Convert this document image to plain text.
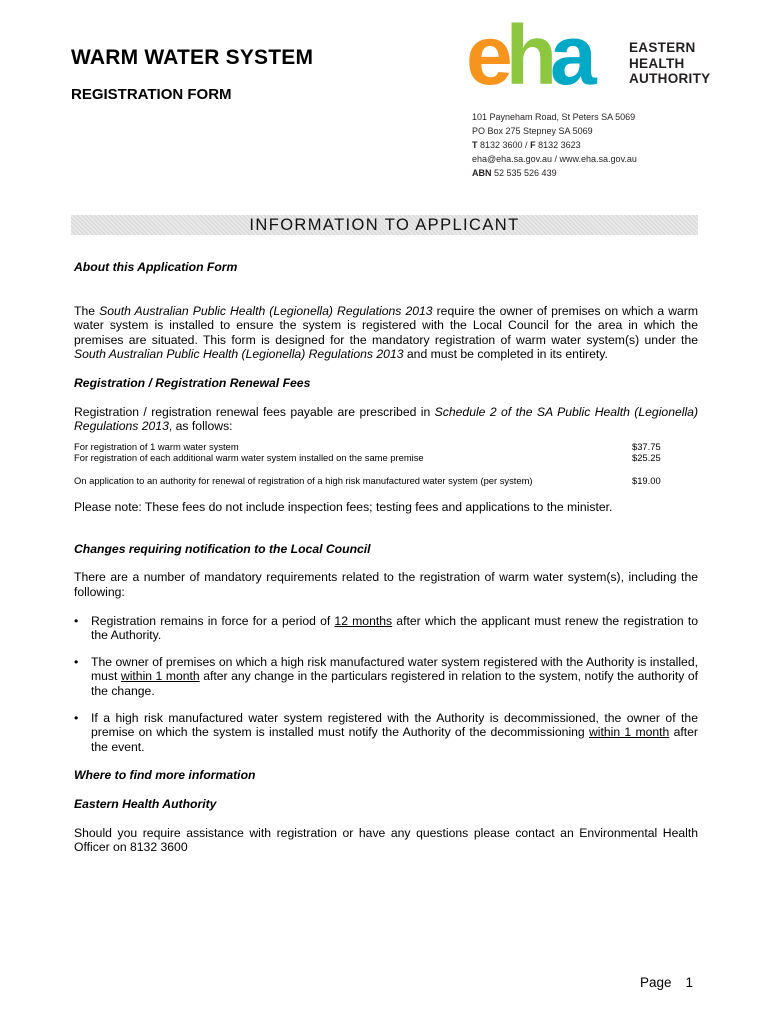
WARM WATER SYSTEM
REGISTRATION FORM	eha	EASTERN
HEALTH
AUTHORITY
101 Payneham Road, St Peters SA 5069
PO Box 275 Stepney SA 5069
T 8132 3600 / F 8132 3623
eha@eha.sa.gov.au / www.eha.sa.gov.au
ABN 52 535 526 439
INFORMATION TO APPLICANT

About this Application Form

The South Australian Public Health (Legionella) Regulations 2013 require the owner of premises on which a warm water system is installed to ensure the system is registered with the Local Council for the area in which the premises are situated. This form is designed for the mandatory registration of warm water system(s) under the South Australian Public Health (Legionella) Regulations 2013 and must be completed in its entirety.

Registration / Registration Renewal Fees

Registration / registration renewal fees payable are prescribed in Schedule 2 of the SA Public Health (Legionella) Regulations 2013, as follows:

For registration of 1 warm water system	$37.75
For registration of each additional warm water system installed on the same premise	$25.25

On application to an authority for renewal of registration of a high risk manufactured water system (per system)	$19.00

Please note: These fees do not include inspection fees; testing fees and applications to the minister.

Changes requiring notification to the Local Council

There are a number of mandatory requirements related to the registration of warm water system(s), including the following:

• Registration remains in force for a period of 12 months after which the applicant must renew the registration to the Authority.
• The owner of premises on which a high risk manufactured water system registered with the Authority is installed, must within 1 month after any change in the particulars registered in relation to the system, notify the authority of the change.
• If a high risk manufactured water system registered with the Authority is decommissioned, the owner of the premise on which the system is installed must notify the Authority of the decommissioning within 1 month after the event.

Where to find more information

Eastern Health Authority

Should you require assistance with registration or have any questions please contact an Environmental Health Officer on 8132 3600

Page 1
